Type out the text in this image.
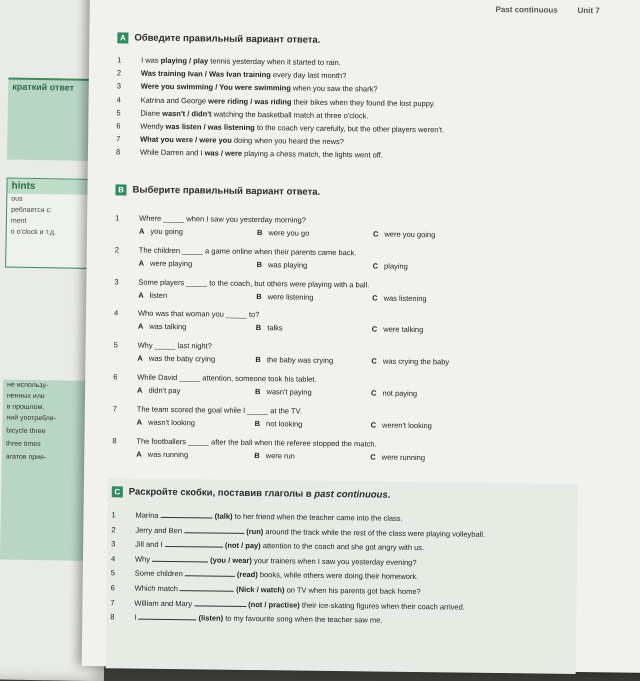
краткий ответ
hints
ous
реблается с:
ment
o o'clock и т.д.
не использу-
ненных или
в прошлом.
ний употребля-
bicycle three
three times
агатов прия-
Past continuous Unit 7
A Обведите правильный вариант ответа.
1	I was playing / play tennis yesterday when it started to rain.
2	Was training Ivan / Was Ivan training every day last month?
3	Were you swimming / You were swimming when you saw the shark?
4	Katrina and George were riding / was riding their bikes when they found the lost puppy.
5	Diane wasn't / didn't watching the basketball match at three o'clock.
6	Wendy was listen / was listening to the coach very carefully, but the other players weren't.
7	What you were / were you doing when you heard the news?
8	While Darren and I was / were playing a chess match, the lights went off.
B Выберите правильный вариант ответа.
1	Where _____ when I saw you yesterday morning?
A you going	B were you go	C were you going
2	The children _____ a game online when their parents came back.
A were playing	B was playing	C playing
3	Some players _____ to the coach, but others were playing with a ball.
A listen	B were listening	C was listening
4	Who was that woman you _____ to?
A was talking	B talks	C were talking
5	Why _____ last night?
A was the baby crying	B the baby was crying	C was crying the baby
6	While David _____ attention, someone took his tablet.
A didn't pay	B wasn't paying	C not paying
7	The team scored the goal while I _____ at the TV.
A wasn't looking	B not looking	C weren't looking
8	The footballers _____ after the ball when the referee stopped the match.
A was running	B were run	C were running
C Раскройте скобки, поставив глаголы в past continuous.
1	Marina	(talk) to her friend when the teacher came into the class.
2	Jerry and Ben	(run) around the track while the rest of the class were playing volleyball.
3	Jill and I	(not / pay) attention to the coach and she got angry with us.
4	Why	(you / wear) your trainers when I saw you yesterday evening?
5	Some children	(read) books, while others were doing their homework.
6	Which match	(Nick / watch) on TV when his parents got back home?
7	William and Mary	(not / practise) their ice-skating figures when their coach arrived.
8	I	(listen) to my favourite song when the teacher saw me.
